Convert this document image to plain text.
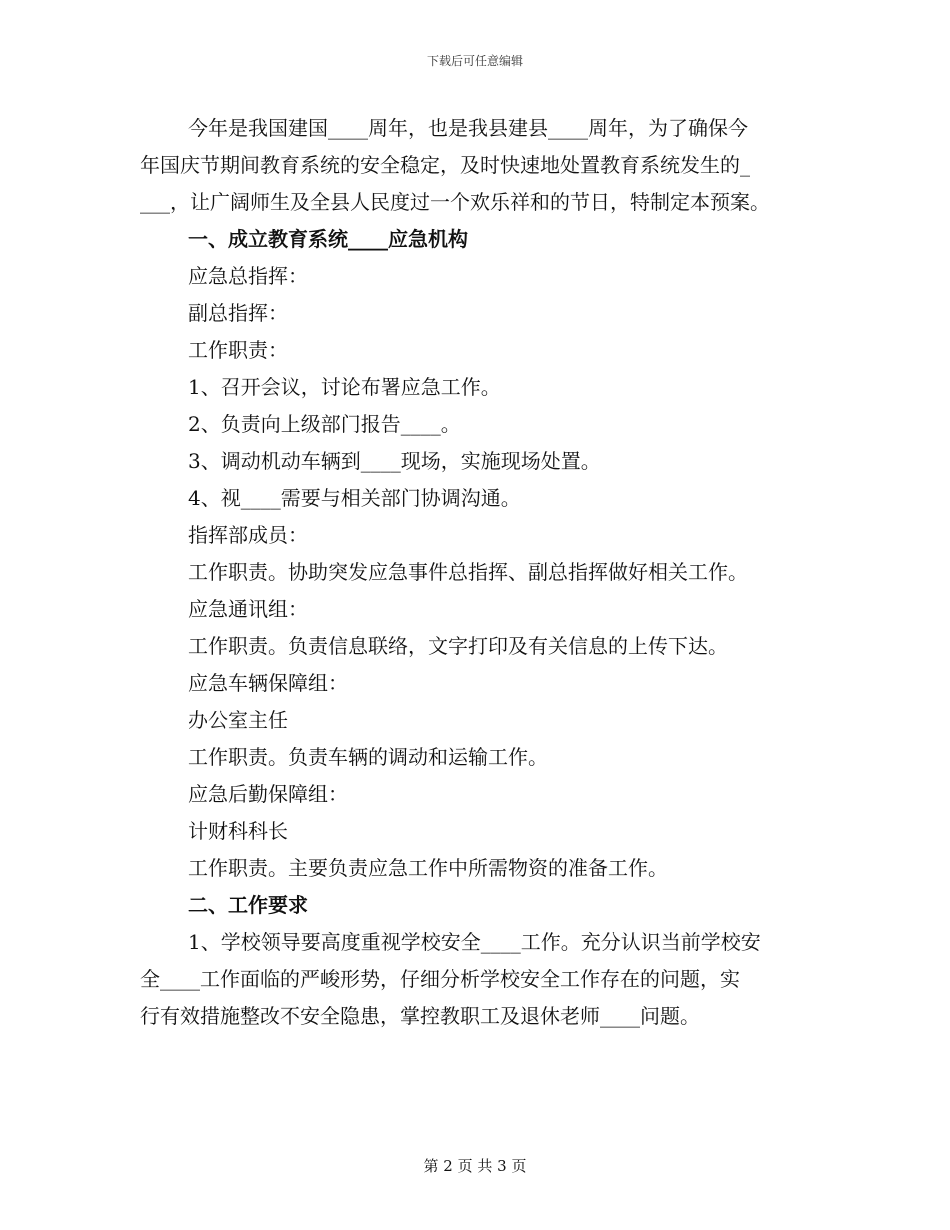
下载后可任意编辑

今年是我国建国____周年，也是我县建县____周年，为了确保今

年国庆节期间教育系统的安全稳定，及时快速地处置教育系统发生的_

___，让广阔师生及全县人民度过一个欢乐祥和的节日，特制定本预案。

一、成立教育系统____应急机构

应急总指挥：

副总指挥：

工作职责：

1、召开会议，讨论布署应急工作。

2、负责向上级部门报告____。

3、调动机动车辆到____现场，实施现场处置。

4、视____需要与相关部门协调沟通。

指挥部成员：

工作职责。协助突发应急事件总指挥、副总指挥做好相关工作。

应急通讯组：

工作职责。负责信息联络，文字打印及有关信息的上传下达。

应急车辆保障组：

办公室主任

工作职责。负责车辆的调动和运输工作。

应急后勤保障组：

计财科科长

工作职责。主要负责应急工作中所需物资的准备工作。

二、工作要求

1、学校领导要高度重视学校安全____工作。充分认识当前学校安

全____工作面临的严峻形势，仔细分析学校安全工作存在的问题，实

行有效措施整改不安全隐患，掌控教职工及退休老师____问题。

第 2 页 共 3 页
